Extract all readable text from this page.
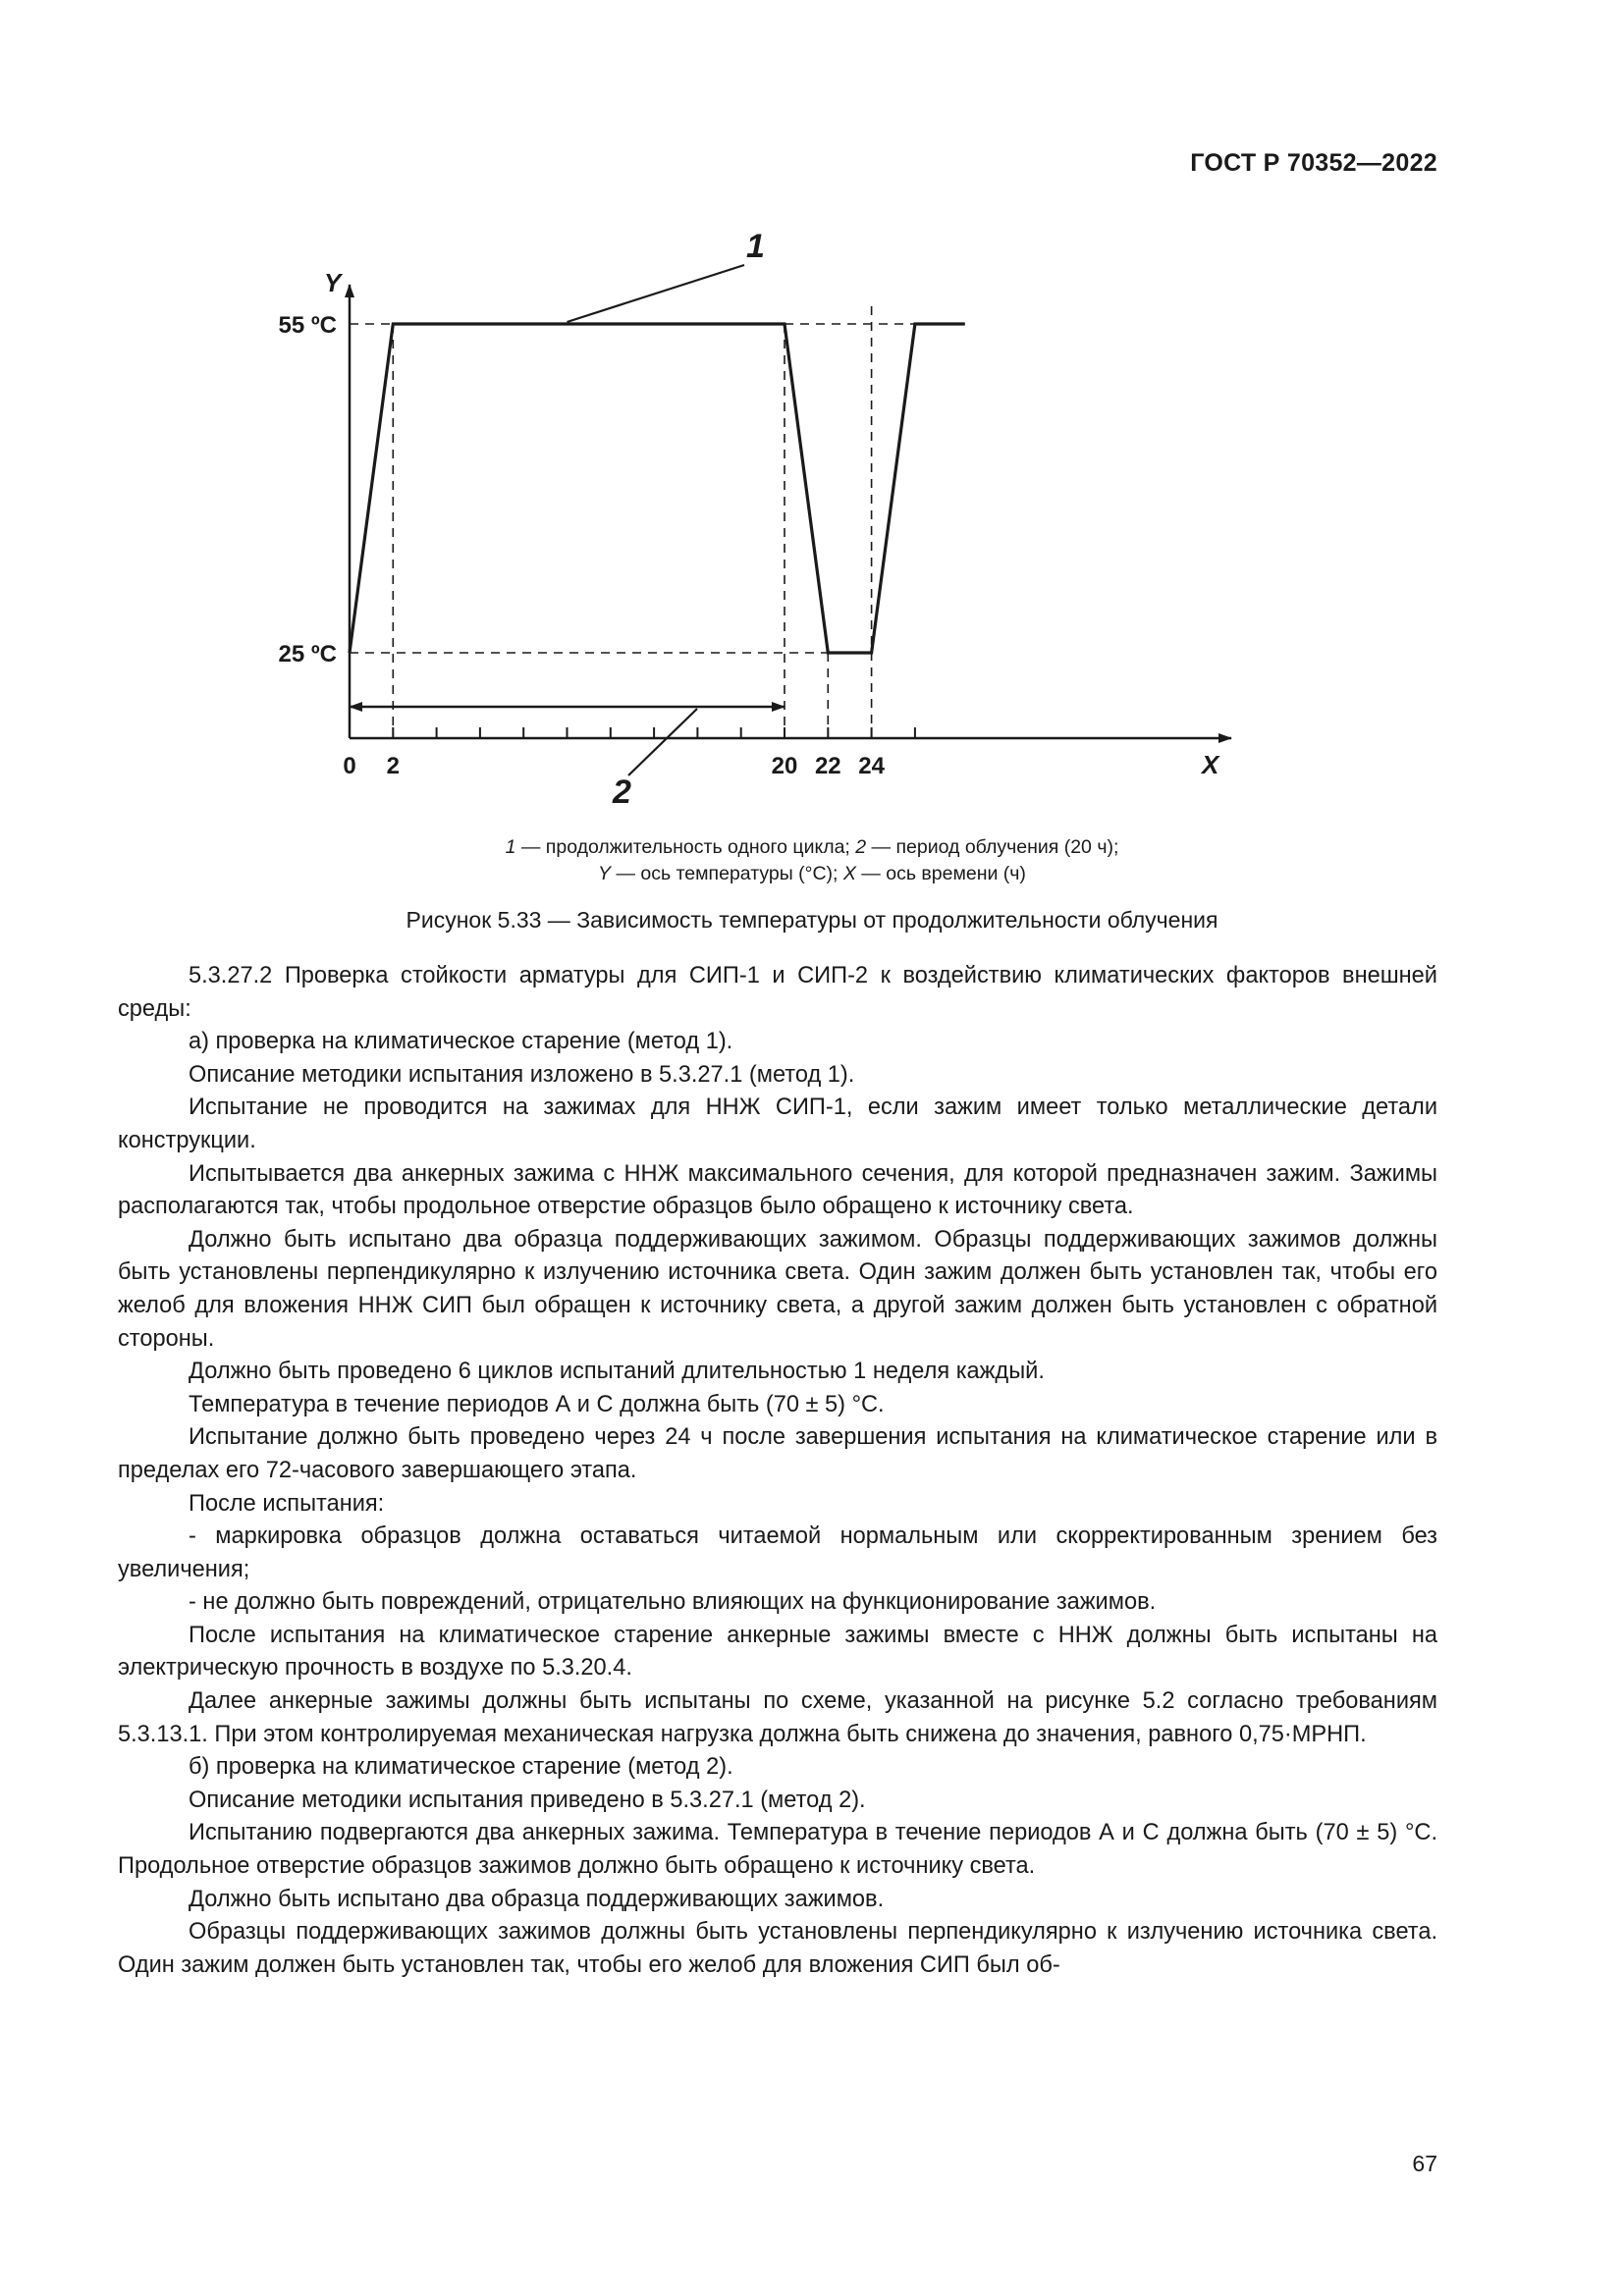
ГОСТ Р 70352—2022
Y
X
1
2
55 ºC
25 ºC
0 2	20 22 24
1 — продолжительность одного цикла; 2 — период облучения (20 ч);
Y — ось температуры (°С); X — ось времени (ч)
Рисунок 5.33 — Зависимость температуры от продолжительности облучения

5.3.27.2 Проверка стойкости арматуры для СИП-1 и СИП-2 к воздействию климатических факторов внешней среды:

а) проверка на климатическое старение (метод 1).

Описание методики испытания изложено в 5.3.27.1 (метод 1).

Испытание не проводится на зажимах для ННЖ СИП-1, если зажим имеет только металлические детали конструкции.

Испытывается два анкерных зажима с ННЖ максимального сечения, для которой предназначен зажим. Зажимы располагаются так, чтобы продольное отверстие образцов было обращено к источнику света.

Должно быть испытано два образца поддерживающих зажимом. Образцы поддерживающих зажимов должны быть установлены перпендикулярно к излучению источника света. Один зажим должен быть установлен так, чтобы его желоб для вложения ННЖ СИП был обращен к источнику света, а другой зажим должен быть установлен с обратной стороны.

Должно быть проведено 6 циклов испытаний длительностью 1 неделя каждый.

Температура в течение периодов А и С должна быть (70 ± 5) °С.

Испытание должно быть проведено через 24 ч после завершения испытания на климатическое старение или в пределах его 72-часового завершающего этапа.

После испытания:

- маркировка образцов должна оставаться читаемой нормальным или скорректированным зрением без увеличения;

- не должно быть повреждений, отрицательно влияющих на функционирование зажимов.

После испытания на климатическое старение анкерные зажимы вместе с ННЖ должны быть испытаны на электрическую прочность в воздухе по 5.3.20.4.

Далее анкерные зажимы должны быть испытаны по схеме, указанной на рисунке 5.2 согласно требованиям 5.3.13.1. При этом контролируемая механическая нагрузка должна быть снижена до значения, равного 0,75·МРНП.

б) проверка на климатическое старение (метод 2).

Описание методики испытания приведено в 5.3.27.1 (метод 2).

Испытанию подвергаются два анкерных зажима. Температура в течение периодов А и С должна быть (70 ± 5) °С. Продольное отверстие образцов зажимов должно быть обращено к источнику света.

Должно быть испытано два образца поддерживающих зажимов.

Образцы поддерживающих зажимов должны быть установлены перпендикулярно к излучению источника света. Один зажим должен быть установлен так, чтобы его желоб для вложения СИП был об-

67
